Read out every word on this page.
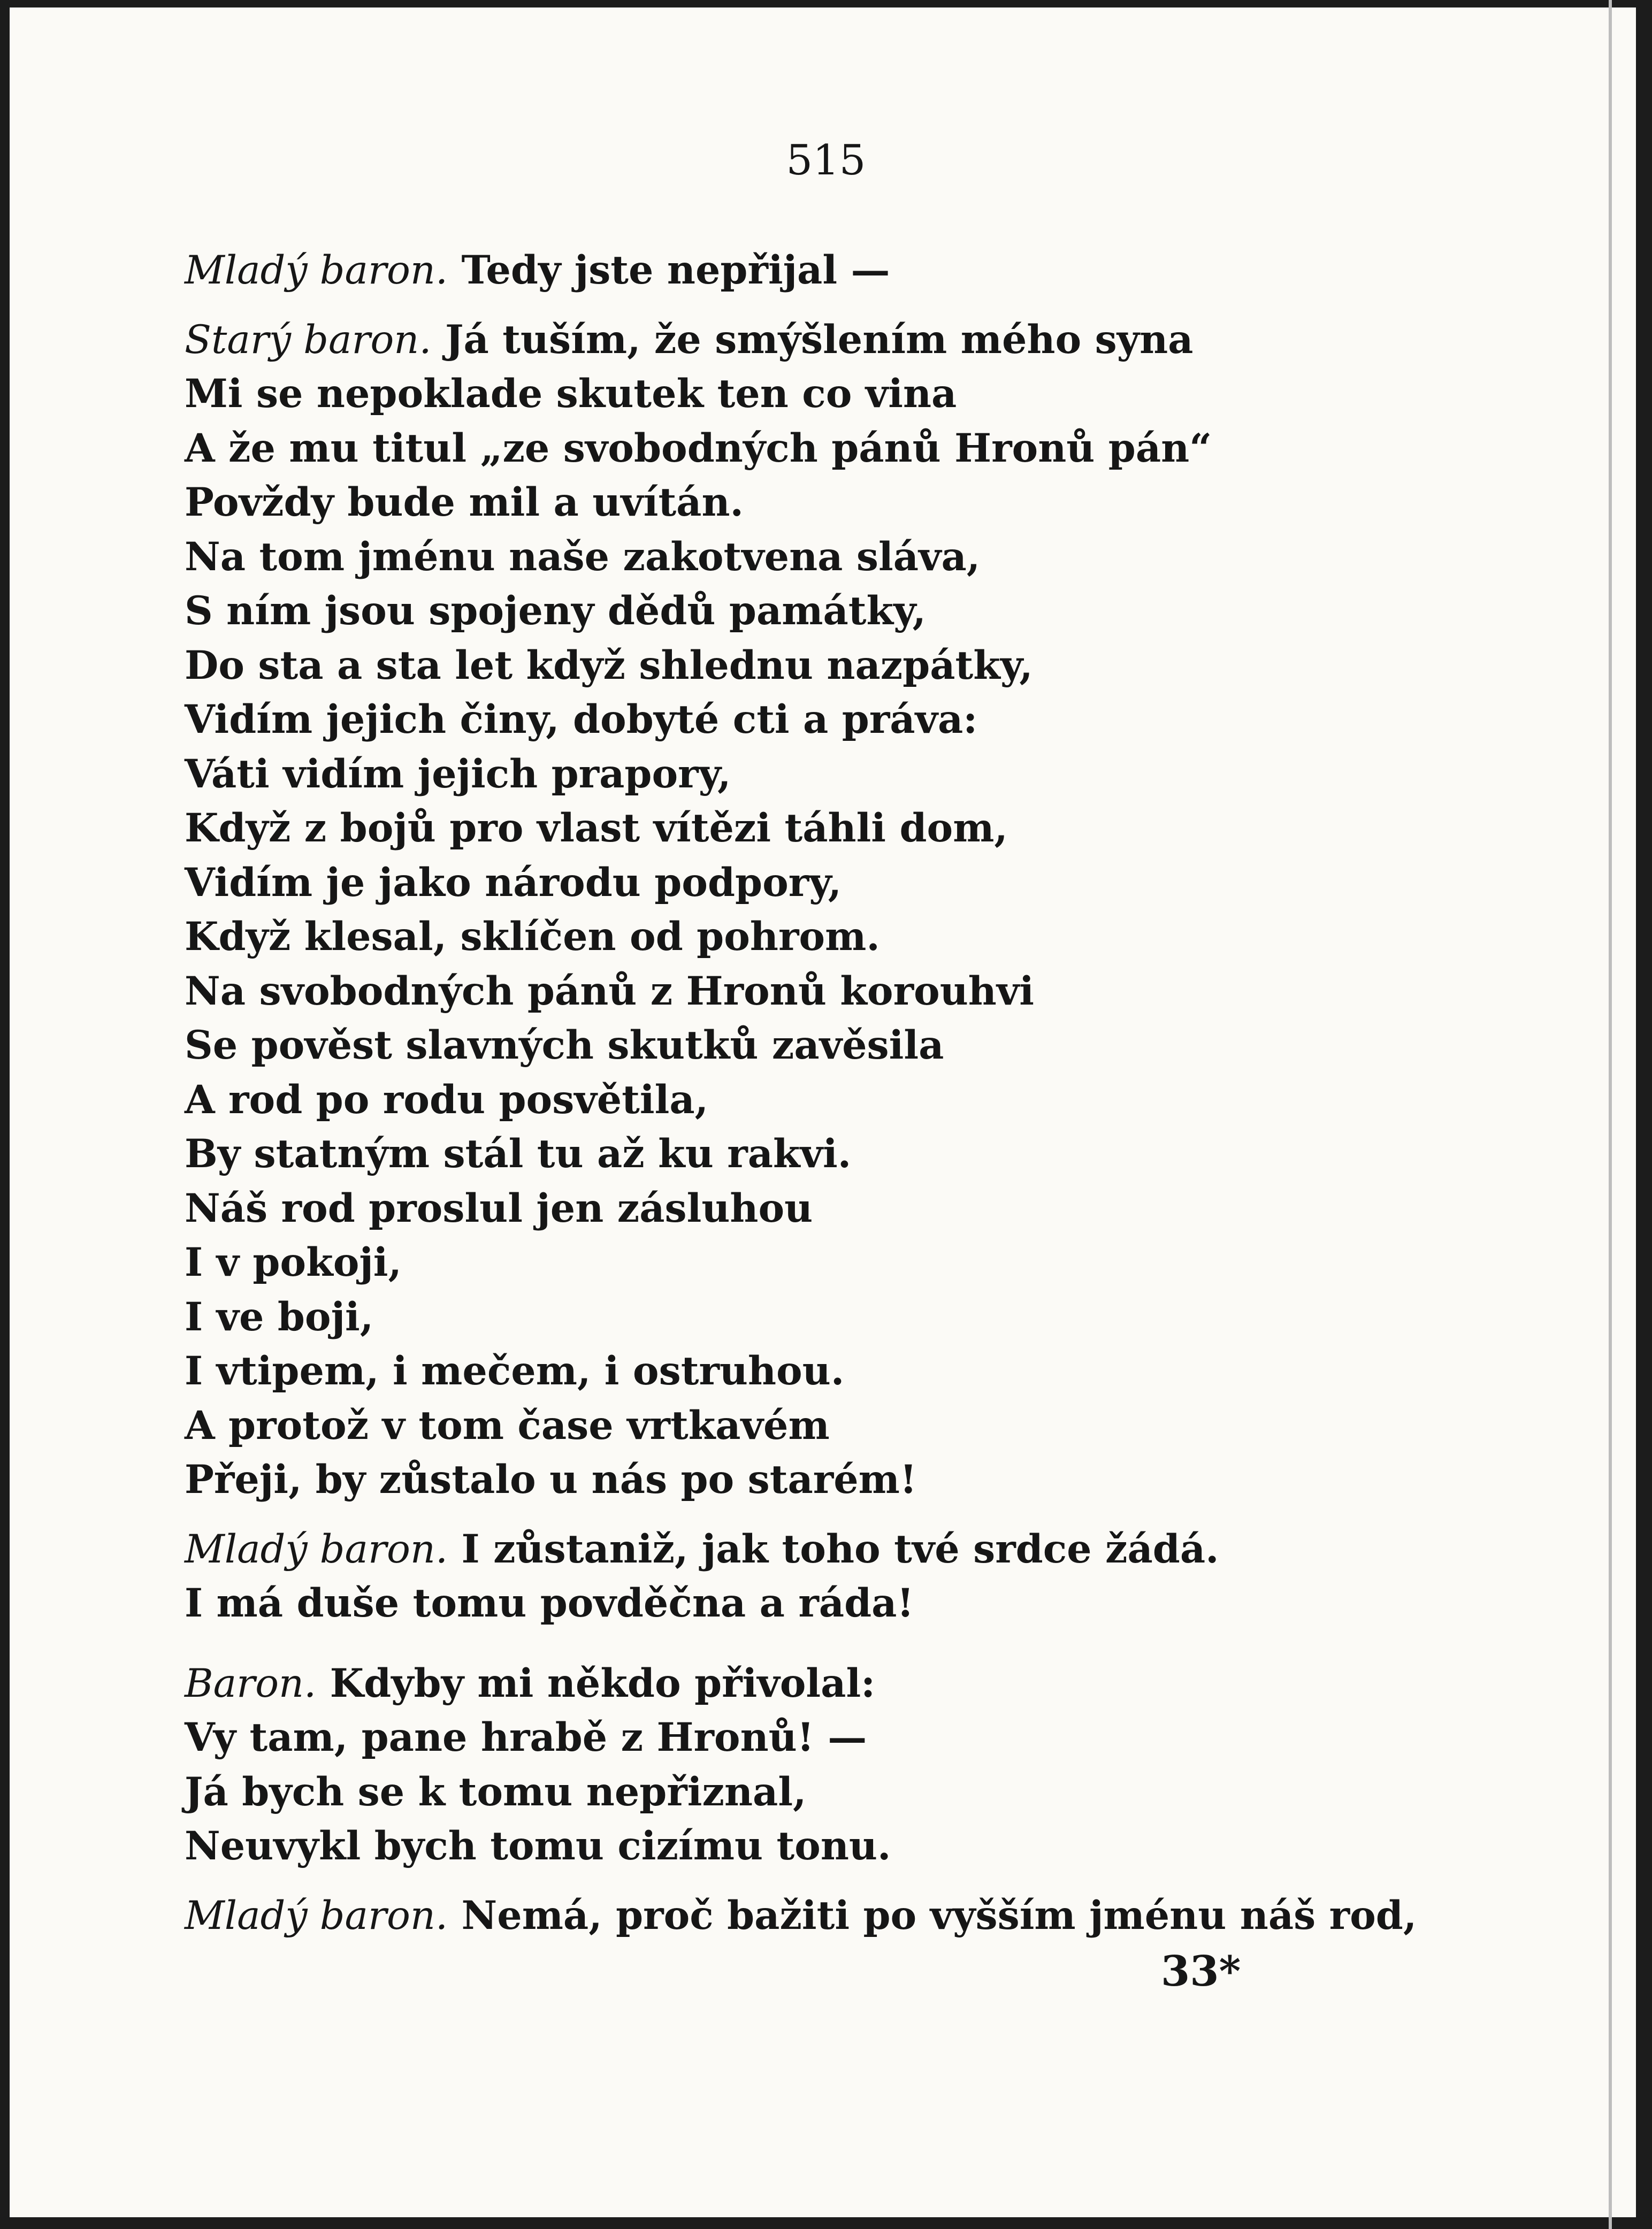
515
Mladý baron. Tedy jste nepřijal —
Starý baron. Já tuším, že smýšlením mého syna
Mi se nepoklade skutek ten co vina
A že mu titul „ze svobodných pánů Hronů pán“
Povždy bude mil a uvítán.
Na tom jménu naše zakotvena sláva,
S ním jsou spojeny dědů památky,
Do sta a sta let když shlednu nazpátky,
Vidím jejich činy, dobyté cti a práva:
Váti vidím jejich prapory,
Když z bojů pro vlast vítězi táhli dom,
Vidím je jako národu podpory,
Když klesal, sklíčen od pohrom.
Na svobodných pánů z Hronů korouhvi
Se pověst slavných skutků zavěsila
A rod po rodu posvětila,
By statným stál tu až ku rakvi.
Náš rod proslul jen zásluhou
I v pokoji,
I ve boji,
I vtipem, i mečem, i ostruhou.
A protož v tom čase vrtkavém
Přeji, by zůstalo u nás po starém!
Mladý baron. I zůstaniž, jak toho tvé srdce žádá.
I má duše tomu povděčna a ráda!
Baron. Kdyby mi někdo přivolal:
Vy tam, pane hrabě z Hronů! —
Já bych se k tomu nepřiznal,
Neuvykl bych tomu cizímu tonu.
Mladý baron. Nemá, proč bažiti po vyšším jménu náš rod,
33*
